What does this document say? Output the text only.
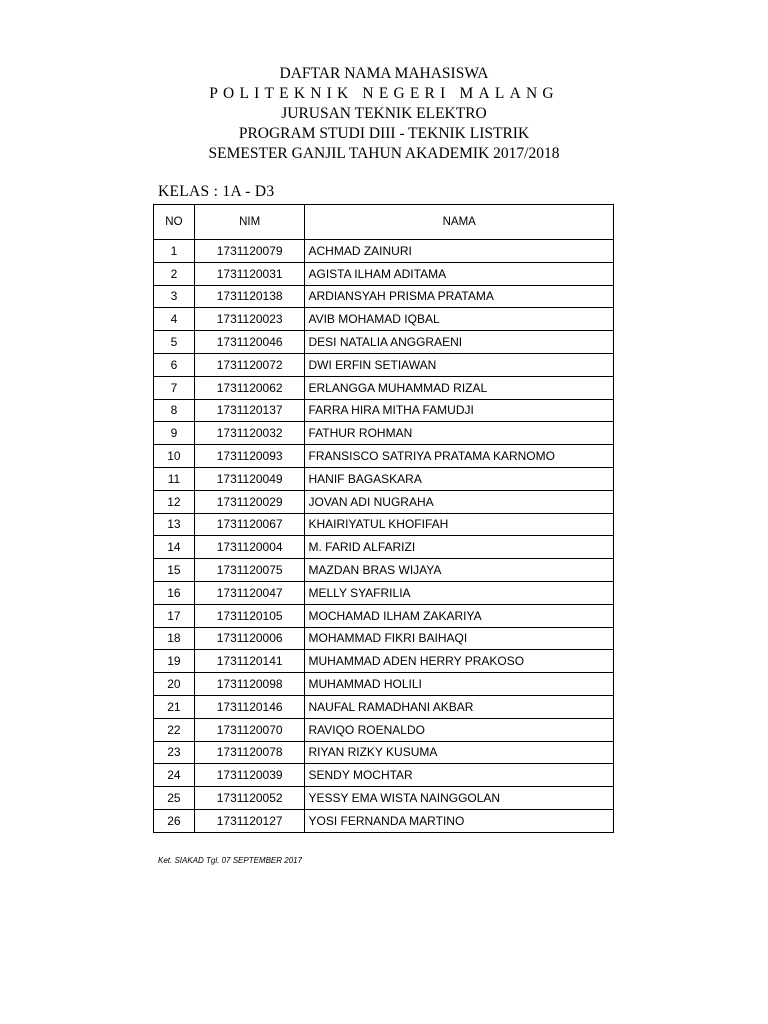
DAFTAR NAMA MAHASISWA
POLITEKNIK NEGERI MALANG
JURUSAN TEKNIK ELEKTRO
PROGRAM STUDI DIII - TEKNIK LISTRIK
SEMESTER GANJIL TAHUN AKADEMIK 2017/2018
KELAS : 1A - D3
NO	NIM	NAMA
1	1731120079	ACHMAD ZAINURI
2	1731120031	AGISTA ILHAM ADITAMA
3	1731120138	ARDIANSYAH PRISMA PRATAMA
4	1731120023	AVIB MOHAMAD IQBAL
5	1731120046	DESI NATALIA ANGGRAENI
6	1731120072	DWI ERFIN SETIAWAN
7	1731120062	ERLANGGA MUHAMMAD RIZAL
8	1731120137	FARRA HIRA MITHA FAMUDJI
9	1731120032	FATHUR ROHMAN
10	1731120093	FRANSISCO SATRIYA PRATAMA KARNOMO
11	1731120049	HANIF BAGASKARA
12	1731120029	JOVAN ADI NUGRAHA
13	1731120067	KHAIRIYATUL KHOFIFAH
14	1731120004	M. FARID ALFARIZI
15	1731120075	MAZDAN BRAS WIJAYA
16	1731120047	MELLY SYAFRILIA
17	1731120105	MOCHAMAD ILHAM ZAKARIYA
18	1731120006	MOHAMMAD FIKRI BAIHAQI
19	1731120141	MUHAMMAD ADEN HERRY PRAKOSO
20	1731120098	MUHAMMAD HOLILI
21	1731120146	NAUFAL RAMADHANI AKBAR
22	1731120070	RAVIQO ROENALDO
23	1731120078	RIYAN RIZKY KUSUMA
24	1731120039	SENDY MOCHTAR
25	1731120052	YESSY EMA WISTA NAINGGOLAN
26	1731120127	YOSI FERNANDA MARTINO
Ket. SIAKAD Tgl. 07 SEPTEMBER 2017
